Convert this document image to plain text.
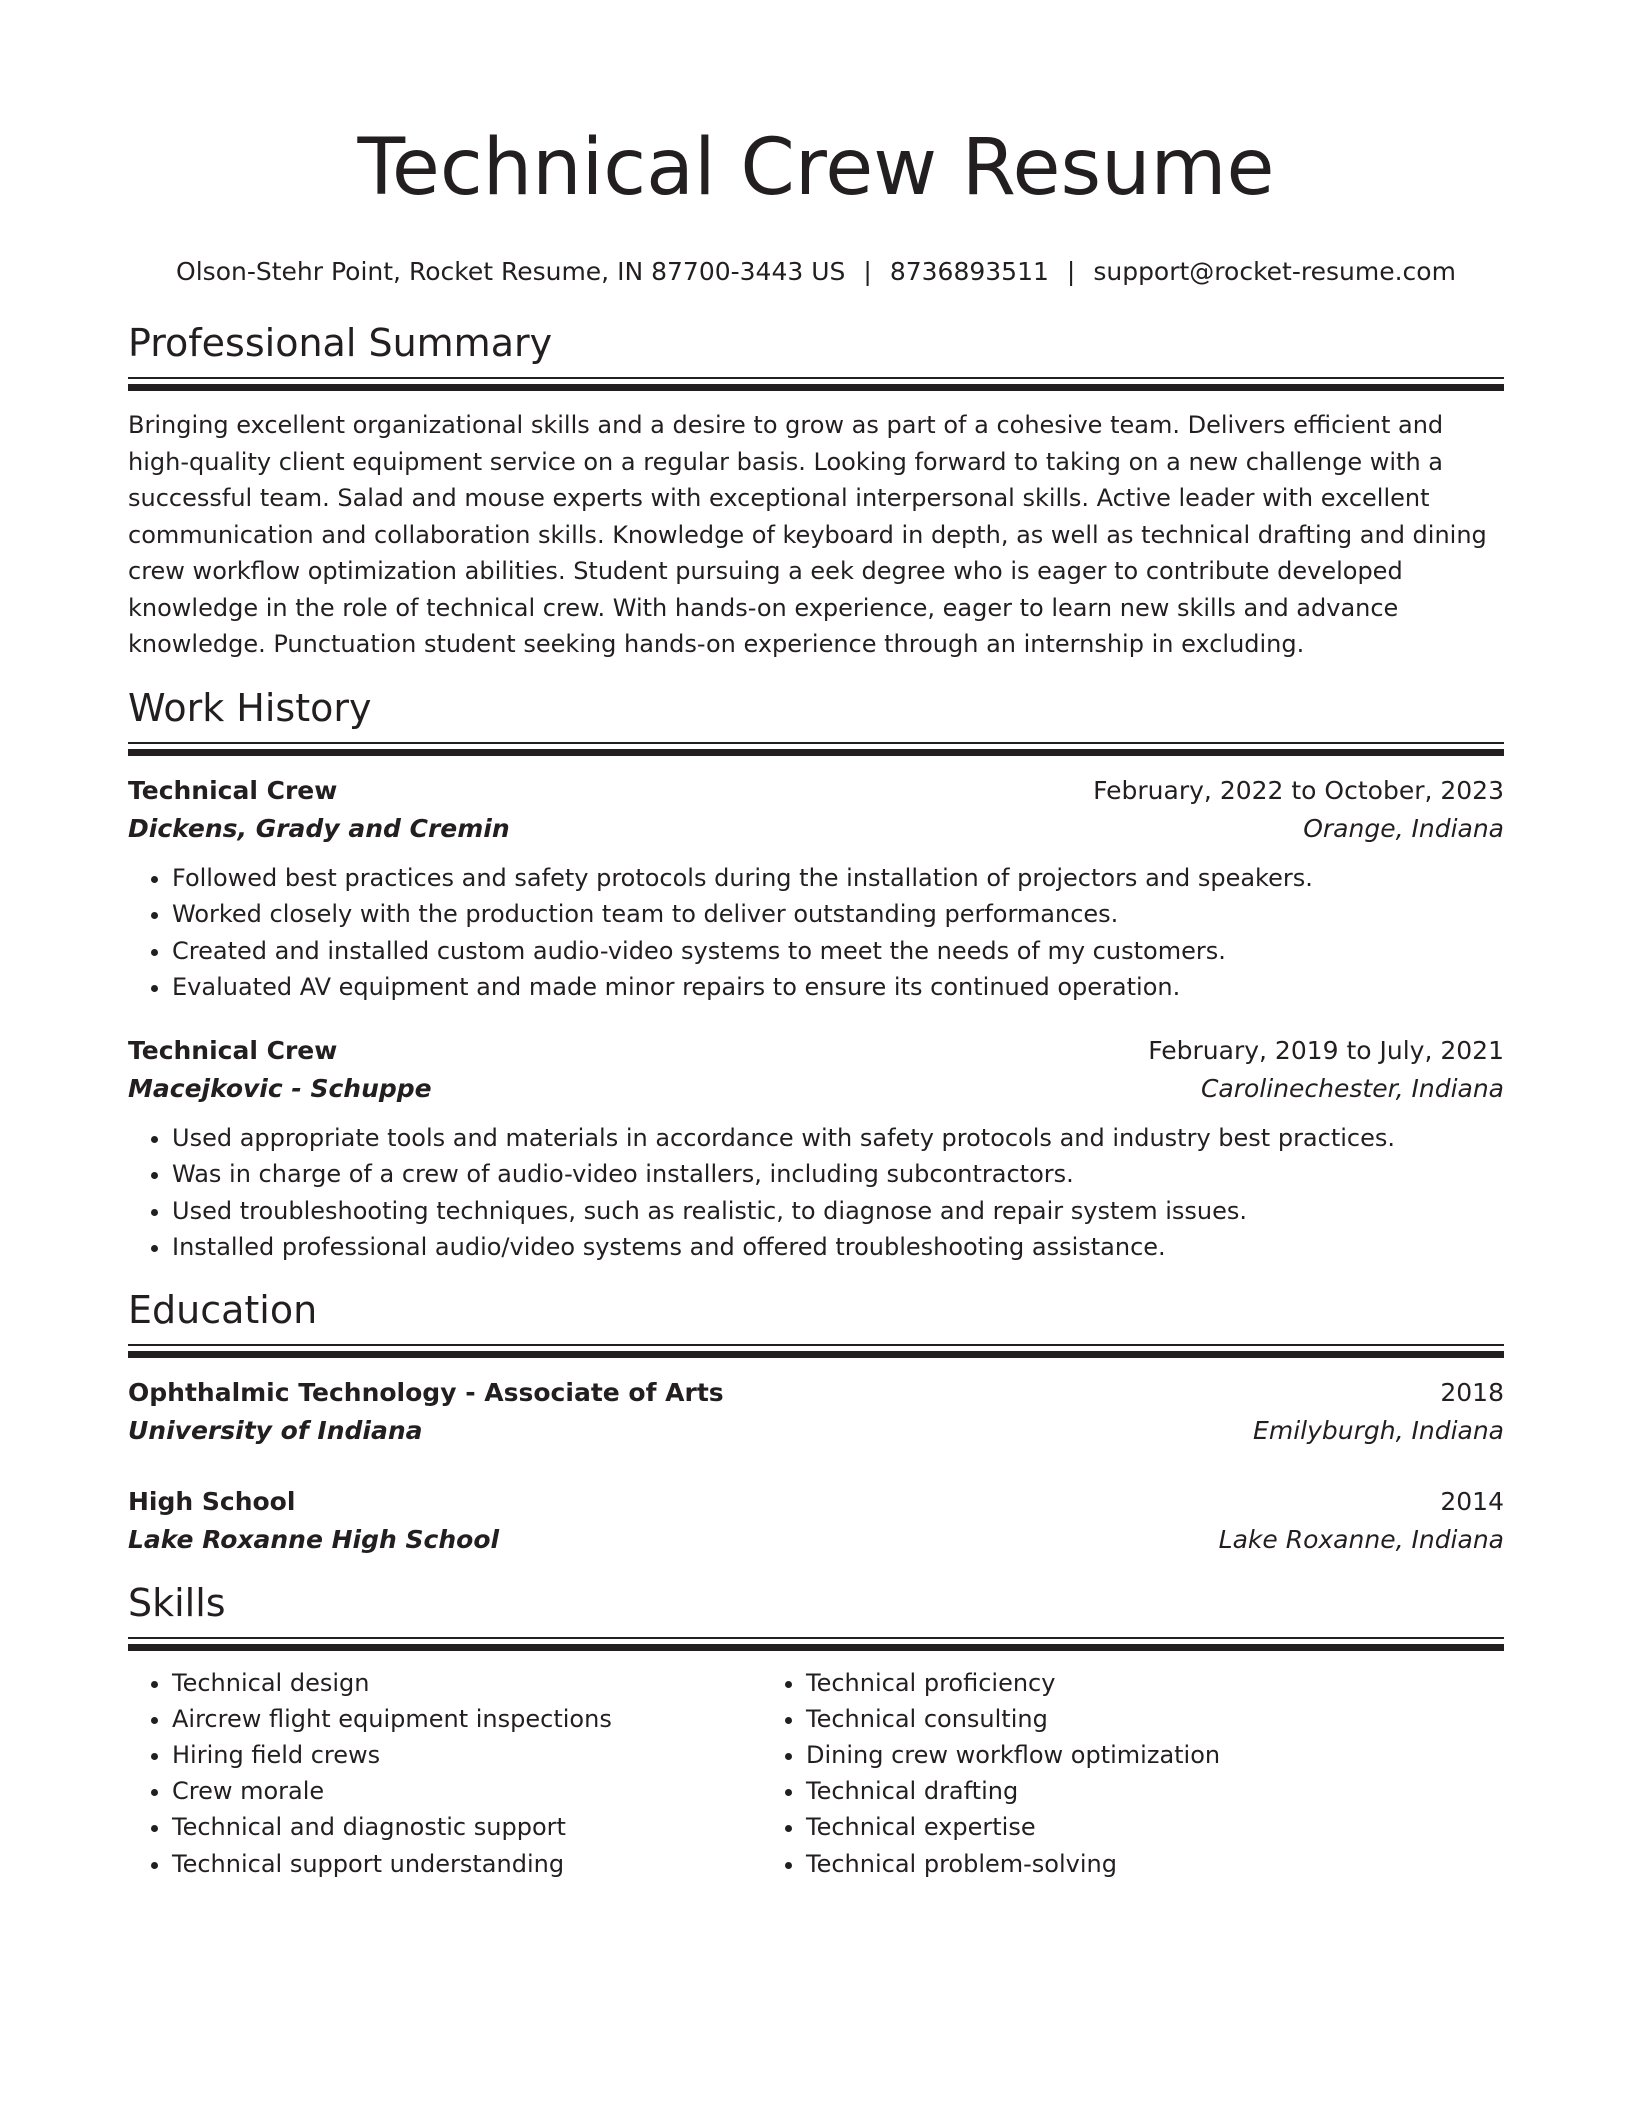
Technical Crew Resume
Olson-Stehr Point, Rocket Resume, IN 87700-3443 US | 8736893511 | support@rocket-resume.com
Professional Summary
Bringing excellent organizational skills and a desire to grow as part of a cohesive team. Delivers efficient and high-quality client equipment service on a regular basis. Looking forward to taking on a new challenge with a successful team. Salad and mouse experts with exceptional interpersonal skills. Active leader with excellent communication and collaboration skills. Knowledge of keyboard in depth, as well as technical drafting and dining crew workflow optimization abilities. Student pursuing a eek degree who is eager to contribute developed knowledge in the role of technical crew. With hands-on experience, eager to learn new skills and advance knowledge. Punctuation student seeking hands-on experience through an internship in excluding.
Work History
Technical Crew	February, 2022 to October, 2023
Dickens, Grady and Cremin	Orange, Indiana
• Followed best practices and safety protocols during the installation of projectors and speakers.
• Worked closely with the production team to deliver outstanding performances.
• Created and installed custom audio-video systems to meet the needs of my customers.
• Evaluated AV equipment and made minor repairs to ensure its continued operation.
Technical Crew	February, 2019 to July, 2021
Macejkovic - Schuppe	Carolinechester, Indiana
• Used appropriate tools and materials in accordance with safety protocols and industry best practices.
• Was in charge of a crew of audio-video installers, including subcontractors.
• Used troubleshooting techniques, such as realistic, to diagnose and repair system issues.
• Installed professional audio/video systems and offered troubleshooting assistance.
Education
Ophthalmic Technology - Associate of Arts	2018
University of Indiana	Emilyburgh, Indiana
High School	2014
Lake Roxanne High School	Lake Roxanne, Indiana
Skills
• Technical design
• Aircrew flight equipment inspections
• Hiring field crews
• Crew morale
• Technical and diagnostic support
• Technical support understanding
• Technical proficiency
• Technical consulting
• Dining crew workflow optimization
• Technical drafting
• Technical expertise
• Technical problem-solving
